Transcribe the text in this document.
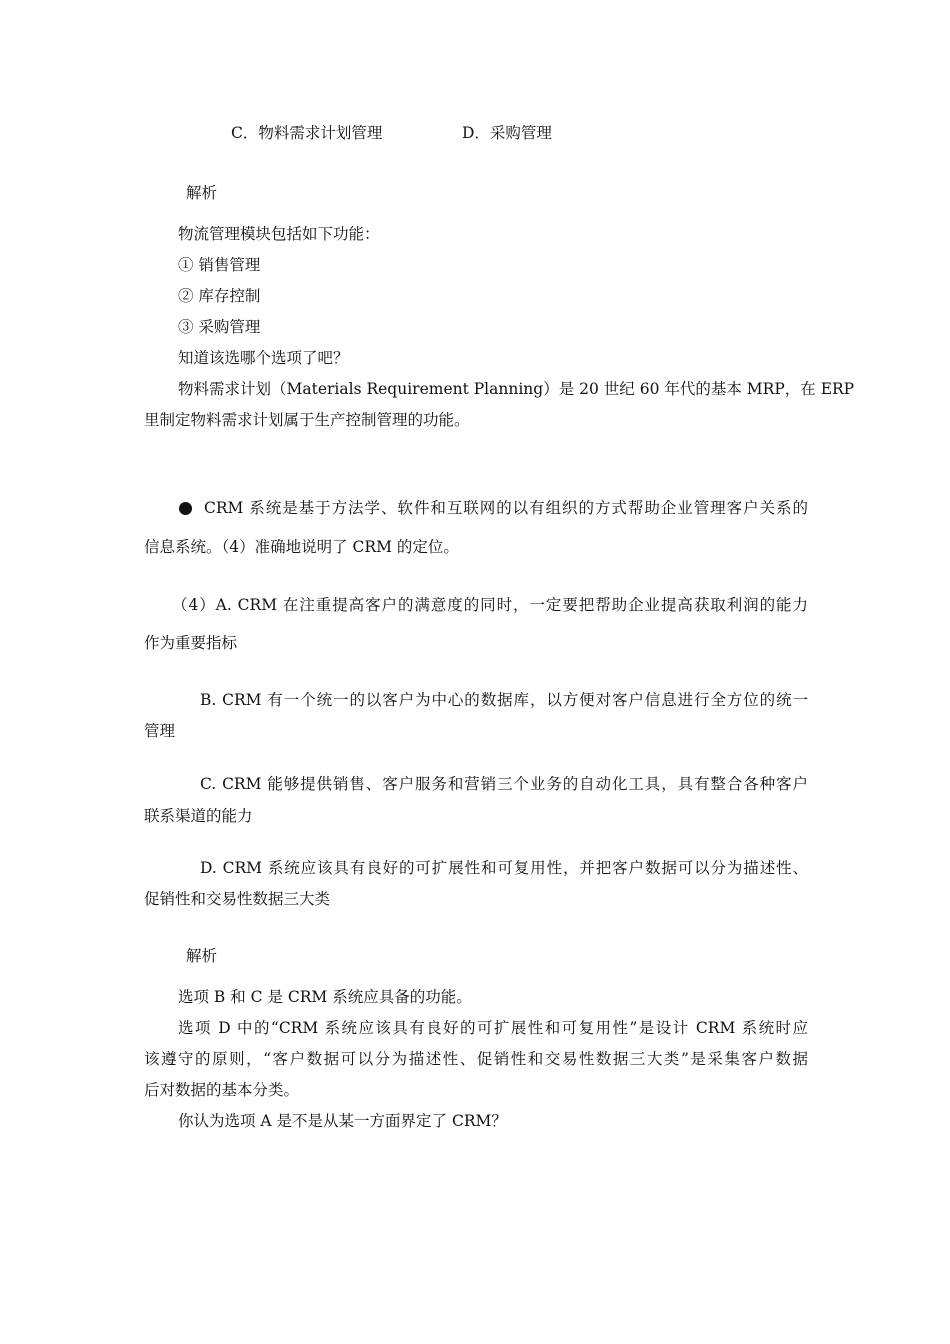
C．物料需求计划管理	D．采购管理
解析
物流管理模块包括如下功能：
① 销售管理
② 库存控制
③ 采购管理
知道该选哪个选项了吧？
物料需求计划（Materials Requirement Planning）是 20 世纪 60 年代的基本 MRP，在 ERP
里制定物料需求计划属于生产控制管理的功能。
CRM 系统是基于方法学、软件和互联网的以有组织的方式帮助企业管理客户关系的
信息系统。（4）准确地说明了 CRM 的定位。
（4）A. CRM 在注重提高客户的满意度的同时，一定要把帮助企业提高获取利润的能力
作为重要指标
B. CRM 有一个统一的以客户为中心的数据库，以方便对客户信息进行全方位的统一
管理
C. CRM 能够提供销售、客户服务和营销三个业务的自动化工具，具有整合各种客户
联系渠道的能力
D. CRM 系统应该具有良好的可扩展性和可复用性，并把客户数据可以分为描述性、
促销性和交易性数据三大类
解析
选项 B 和 C 是 CRM 系统应具备的功能。
选项 D 中的“CRM 系统应该具有良好的可扩展性和可复用性”是设计 CRM 系统时应
该遵守的原则，“客户数据可以分为描述性、促销性和交易性数据三大类”是采集客户数据
后对数据的基本分类。
你认为选项 A 是不是从某一方面界定了 CRM？
